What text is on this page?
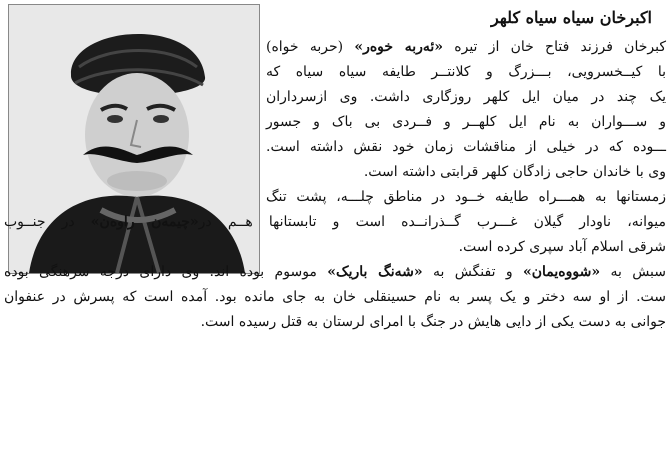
اکبرخان سیاه سیاه کلهر
کبرخان فرزند فتاح خان از تیره «ئه‌ربه‌ خوه‌ر» (حربه خواه)
با کیــخسرویی، بـــزرگ و کلانتــر طایفه سیاه سیاه که
یک چند در میان ایل کلهر روزگاری داشت. وی ازسرداران
و ســـواران به نام ایل کلهــر و فــردی بی باک و جسور
ـــوده که در خیلی از مناقشات زمان خود نقش داشته است.
وی با خاندان حاجی زادگان کلهر قرابتی داشته است.
زمستانها به همـــراه طایفه خــود در مناطق چلـــه، پشت تنگ
میوانه، ناودار گیلان غـــرب گــذرانــده است و تابستانها هــم در«چیمه‌ن راوه‌ن» در جنــوب
شرقی اسلام آباد سپری کرده است.
سبش به «شووه‌یمان» و تفنگش به «شه‌نگ باریک» موسوم بوده اند. وی دارای درجه سرهنگی بوده
ست. از او سه دختر و یک پسر به نام حسینقلی خان به جای مانده بود. آمده است که پسرش در عنفوان
جوانی به دست یکی از دایی هایش در جنگ با امرای لرستان به قتل رسیده است.
